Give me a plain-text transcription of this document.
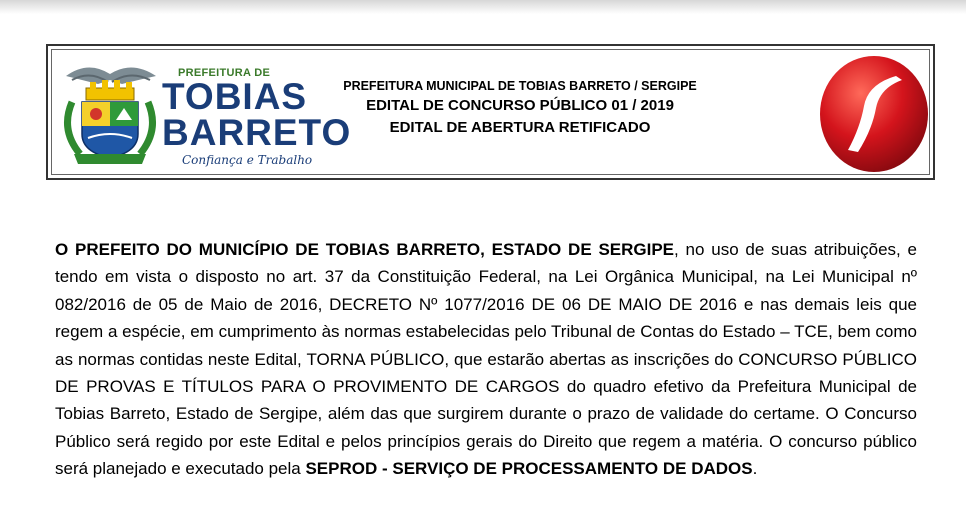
PREFEITURA DE
TOBIAS
BARRETO
Confiança e Trabalho
PREFEITURA MUNICIPAL DE TOBIAS BARRETO / SERGIPE
EDITAL DE CONCURSO PÚBLICO 01 / 2019
EDITAL DE ABERTURA RETIFICADO
O PREFEITO DO MUNICÍPIO DE TOBIAS BARRETO, ESTADO DE SERGIPE, no uso de suas atribuições, e tendo em vista o disposto no art. 37 da Constituição Federal, na Lei Orgânica Municipal, na Lei Municipal nº 082/2016 de 05 de Maio de 2016, DECRETO Nº 1077/2016 DE 06 DE MAIO DE 2016 e nas demais leis que regem a espécie, em cumprimento às normas estabelecidas pelo Tribunal de Contas do Estado – TCE, bem como as normas contidas neste Edital, TORNA PÚBLICO, que estarão abertas as inscrições do CONCURSO PÚBLICO DE PROVAS E TÍTULOS PARA O PROVIMENTO DE CARGOS do quadro efetivo da Prefeitura Municipal de Tobias Barreto, Estado de Sergipe, além das que surgirem durante o prazo de validade do certame. O Concurso Público será regido por este Edital e pelos princípios gerais do Direito que regem a matéria. O concurso público será planejado e executado pela SEPROD - SERVIÇO DE PROCESSAMENTO DE DADOS.
